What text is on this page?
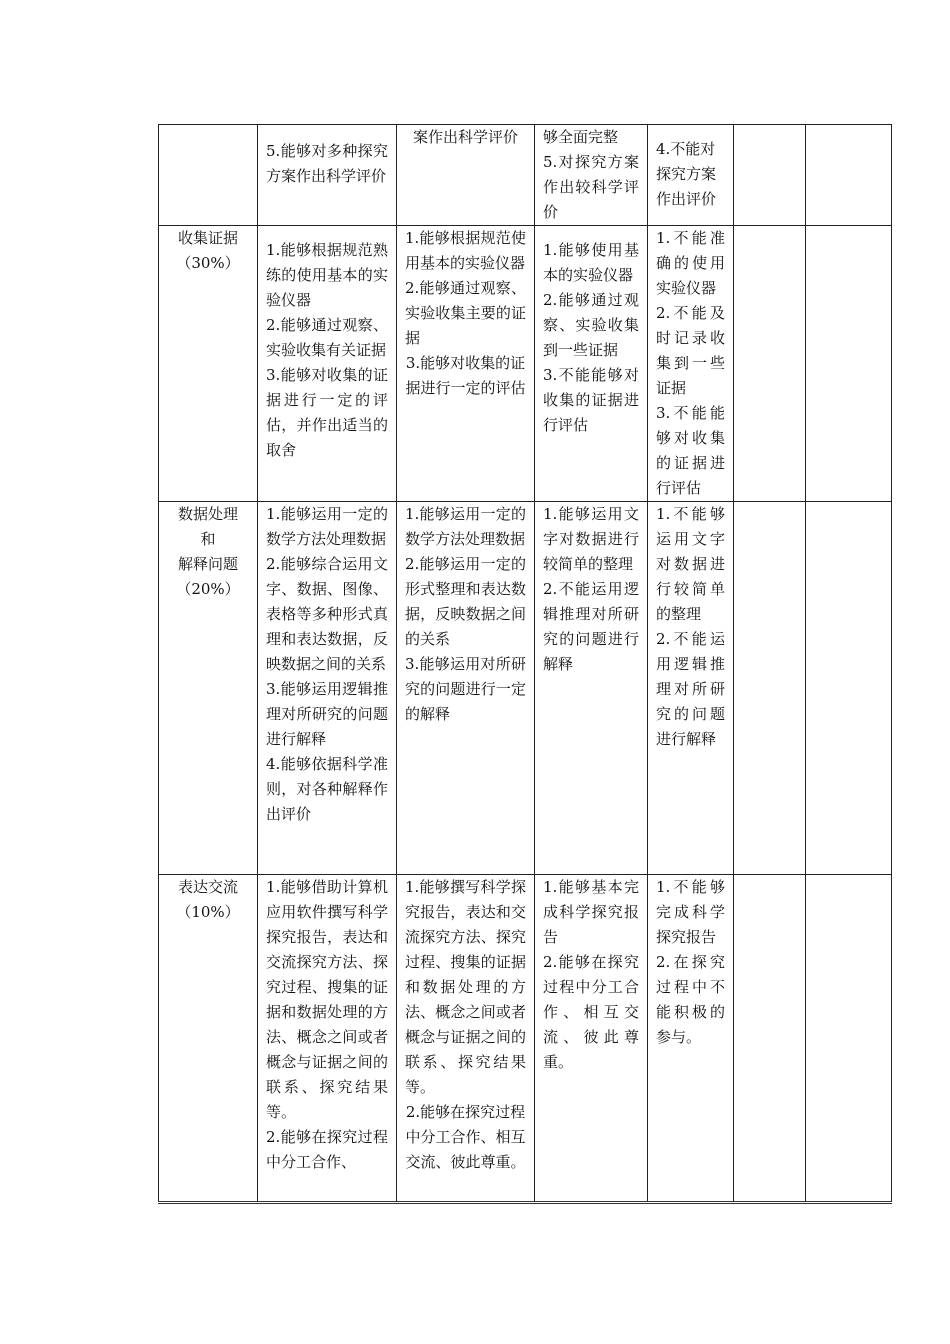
	5.能够对多种探究方案作出科学评价	案作出科学评价	够全面完整
5.对探究方案作出较科学评价	4.不能对探究方案作出评价		

收集证据
（30%）	1.能够根据规范熟练的使用基本的实验仪器
2.能够通过观察、实验收集有关证据
3.能够对收集的证据进行一定的评估，并作出适当的取舍	1.能够根据规范使用基本的实验仪器
2.能够通过观察、实验收集主要的证据
3.能够对收集的证据进行一定的评估	1.能够使用基本的实验仪器
2.能够通过观察、实验收集到一些证据
3.不能能够对收集的证据进行评估	1.不能准确的使用实验仪器
2.不能及时记录收集到一些证据
3.不能能够对收集的证据进行评估		

数据处理
和
解释问题
（20%）	1.能够运用一定的数学方法处理数据
2.能够综合运用文字、数据、图像、表格等多种形式真理和表达数据，反映数据之间的关系
3.能够运用逻辑推理对所研究的问题进行解释
4.能够依据科学准则，对各种解释作出评价	1.能够运用一定的数学方法处理数据
2.能够运用一定的形式整理和表达数据，反映数据之间的关系
3.能够运用对所研究的问题进行一定的解释	1.能够运用文字对数据进行较简单的整理
2.不能运用逻辑推理对所研究的问题进行解释	1.不能够运用文字对数据进行较简单的整理
2.不能运用逻辑推理对所研究的问题进行解释		

表达交流
（10%）	1.能够借助计算机应用软件撰写科学探究报告，表达和交流探究方法、探究过程、搜集的证据和数据处理的方法、概念之间或者概念与证据之间的联系、探究结果等。
2.能够在探究过程中分工合作、	1.能够撰写科学探究报告，表达和交流探究方法、探究过程、搜集的证据和数据处理的方法、概念之间或者概念与证据之间的联系、探究结果等。
2.能够在探究过程中分工合作、相互交流、彼此尊重。	1.能够基本完成科学探究报告
2.能够在探究过程中分工合作、相互交流、彼此尊重。	1.不能够完成科学探究报告
2.在探究过程中不能积极的参与。		
